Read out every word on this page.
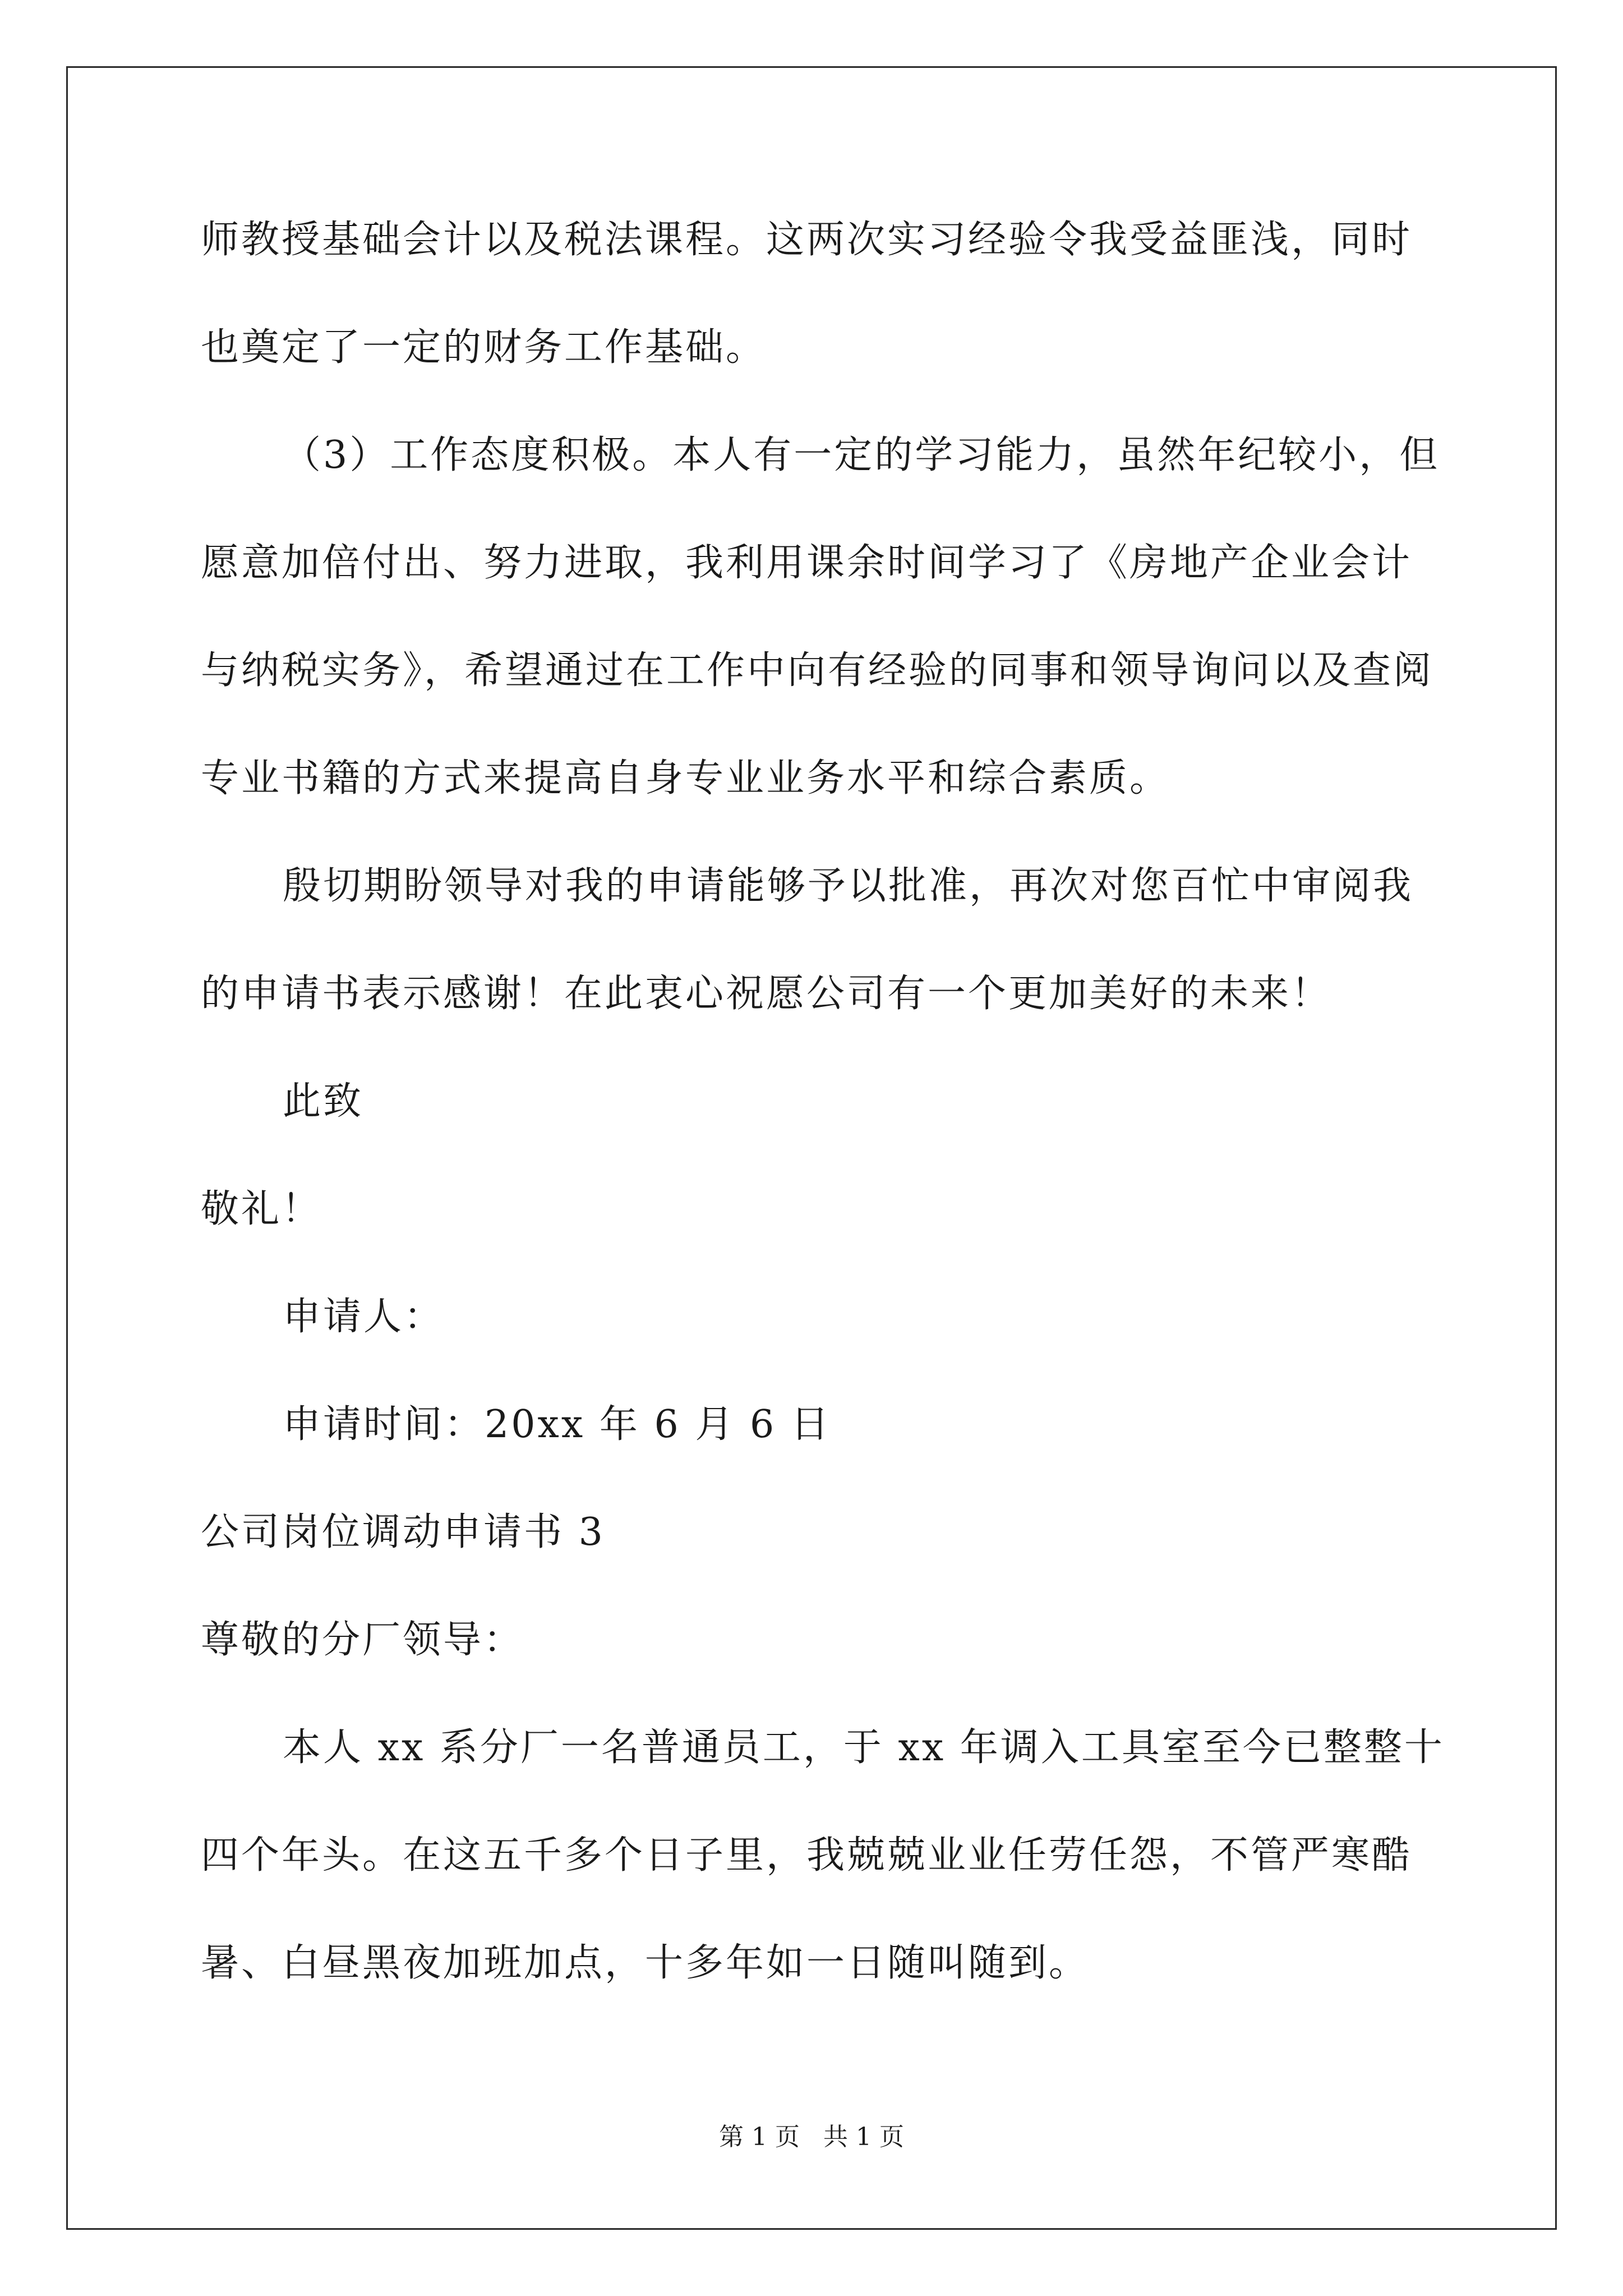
师教授基础会计以及税法课程。这两次实习经验令我受益匪浅，同时
也奠定了一定的财务工作基础。
（3）工作态度积极。本人有一定的学习能力，虽然年纪较小，但
愿意加倍付出、努力进取，我利用课余时间学习了《房地产企业会计
与纳税实务》，希望通过在工作中向有经验的同事和领导询问以及查阅
专业书籍的方式来提高自身专业业务水平和综合素质。
殷切期盼领导对我的申请能够予以批准，再次对您百忙中审阅我
的申请书表示感谢！在此衷心祝愿公司有一个更加美好的未来！
此致
敬礼！
申请人：
申请时间：20xx 年 6 月 6 日
公司岗位调动申请书 3
尊敬的分厂领导：
本人 xx 系分厂一名普通员工，于 xx 年调入工具室至今已整整十
四个年头。在这五千多个日子里，我兢兢业业任劳任怨，不管严寒酷
暑、白昼黑夜加班加点，十多年如一日随叫随到。
第 1 页   共 1 页
